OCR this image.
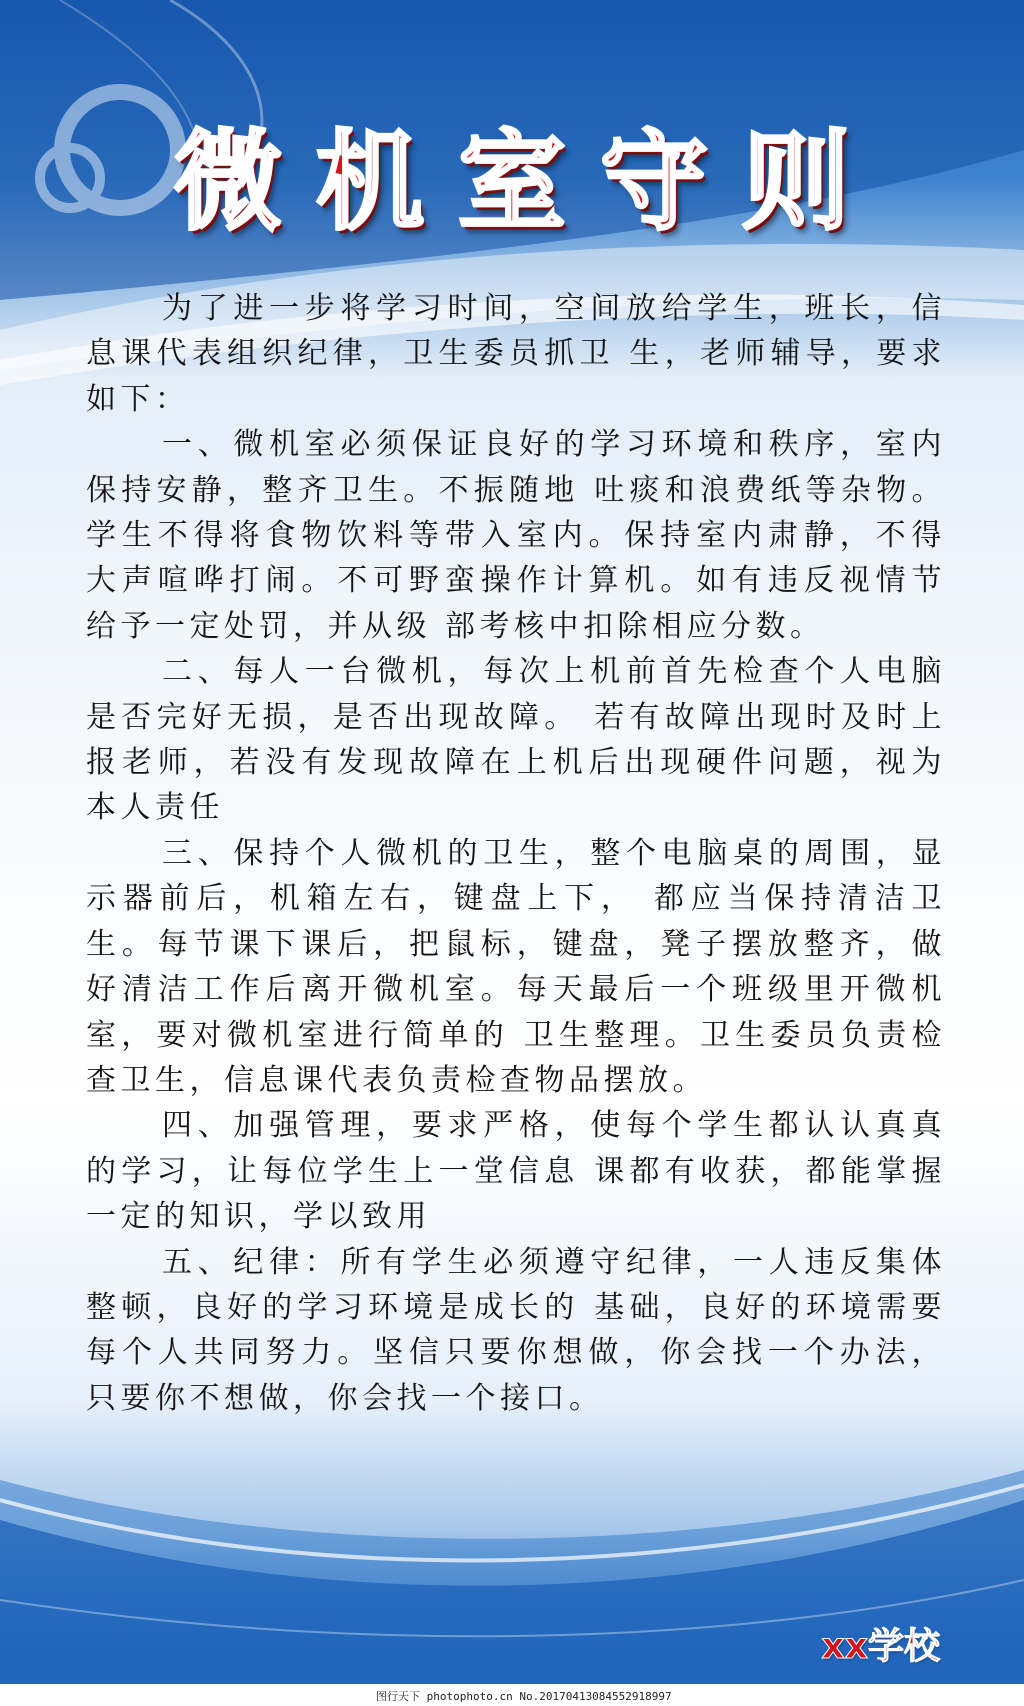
微机室守则

为了进一步将学习时间，空间放给学生，班长，信息课代表组织纪律，卫生委员抓卫 生，老师辅导，要求如下：

一、微机室必须保证良好的学习环境和秩序，室内保持安静，整齐卫生。不振随地 吐痰和浪费纸等杂物。学生不得将食物饮料等带入室内。保持室内肃静，不得大声喧哗打闹。不可野蛮操作计算机。如有违反视情节给予一定处罚，并从级 部考核中扣除相应分数。

二、每人一台微机，每次上机前首先检查个人电脑是否完好无损，是否出现故障。 若有故障出现时及时上报老师，若没有发现故障在上机后出现硬件问题，视为 本人责任

三、保持个人微机的卫生，整个电脑桌的周围，显示器前后，机箱左右，键盘上下， 都应当保持清洁卫生。每节课下课后，把鼠标，键盘，凳子摆放整齐，做好清洁工作后离开微机室。每天最后一个班级里开微机室，要对微机室进行简单的 卫生整理。卫生委员负责检查卫生，信息课代表负责检查物品摆放。

四、加强管理，要求严格，使每个学生都认认真真的学习，让每位学生上一堂信息 课都有收获，都能掌握一定的知识，学以致用

五、纪律：所有学生必须遵守纪律，一人违反集体整顿，良好的学习环境是成长的 基础，良好的环境需要每个人共同努力。坚信只要你想做，你会找一个办法，只要你不想做，你会找一个接口。

xx学校
图行天下 photophoto.cn No.20170413084552918997
